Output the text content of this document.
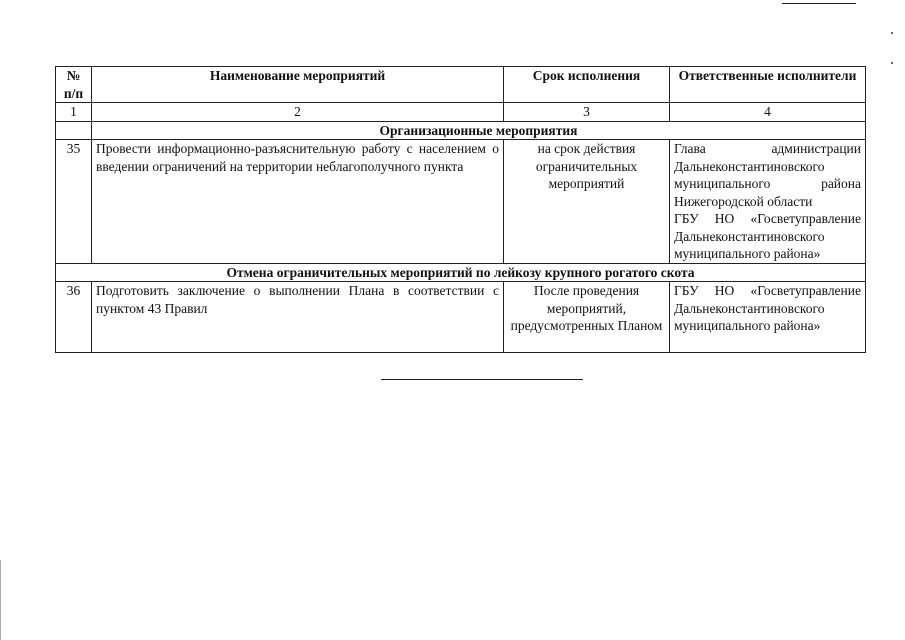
№ п/п	Наименование мероприятий	Срок исполнения	Ответственные исполнители
1	2	3	4
	Организационные мероприятия		
35	Провести информационно-разъяснительную работу с населением о введении ограничений на территории неблагополучного пункта	на срок действия ограничительных мероприятий	Глава администрации Дальнеконстантиновского муниципального района Нижегородской области
ГБУ НО «Госветуправление Дальнеконстантиновского муниципального района»

Отмена ограничительных мероприятий по лейкозу крупного рогатого скота			
36	Подготовить заключение о выполнении Плана в соответствии с пунктом 43 Правил	После проведения мероприятий, предусмотренных Планом	ГБУ НО «Госветуправление Дальнеконстантиновского муниципального района»
